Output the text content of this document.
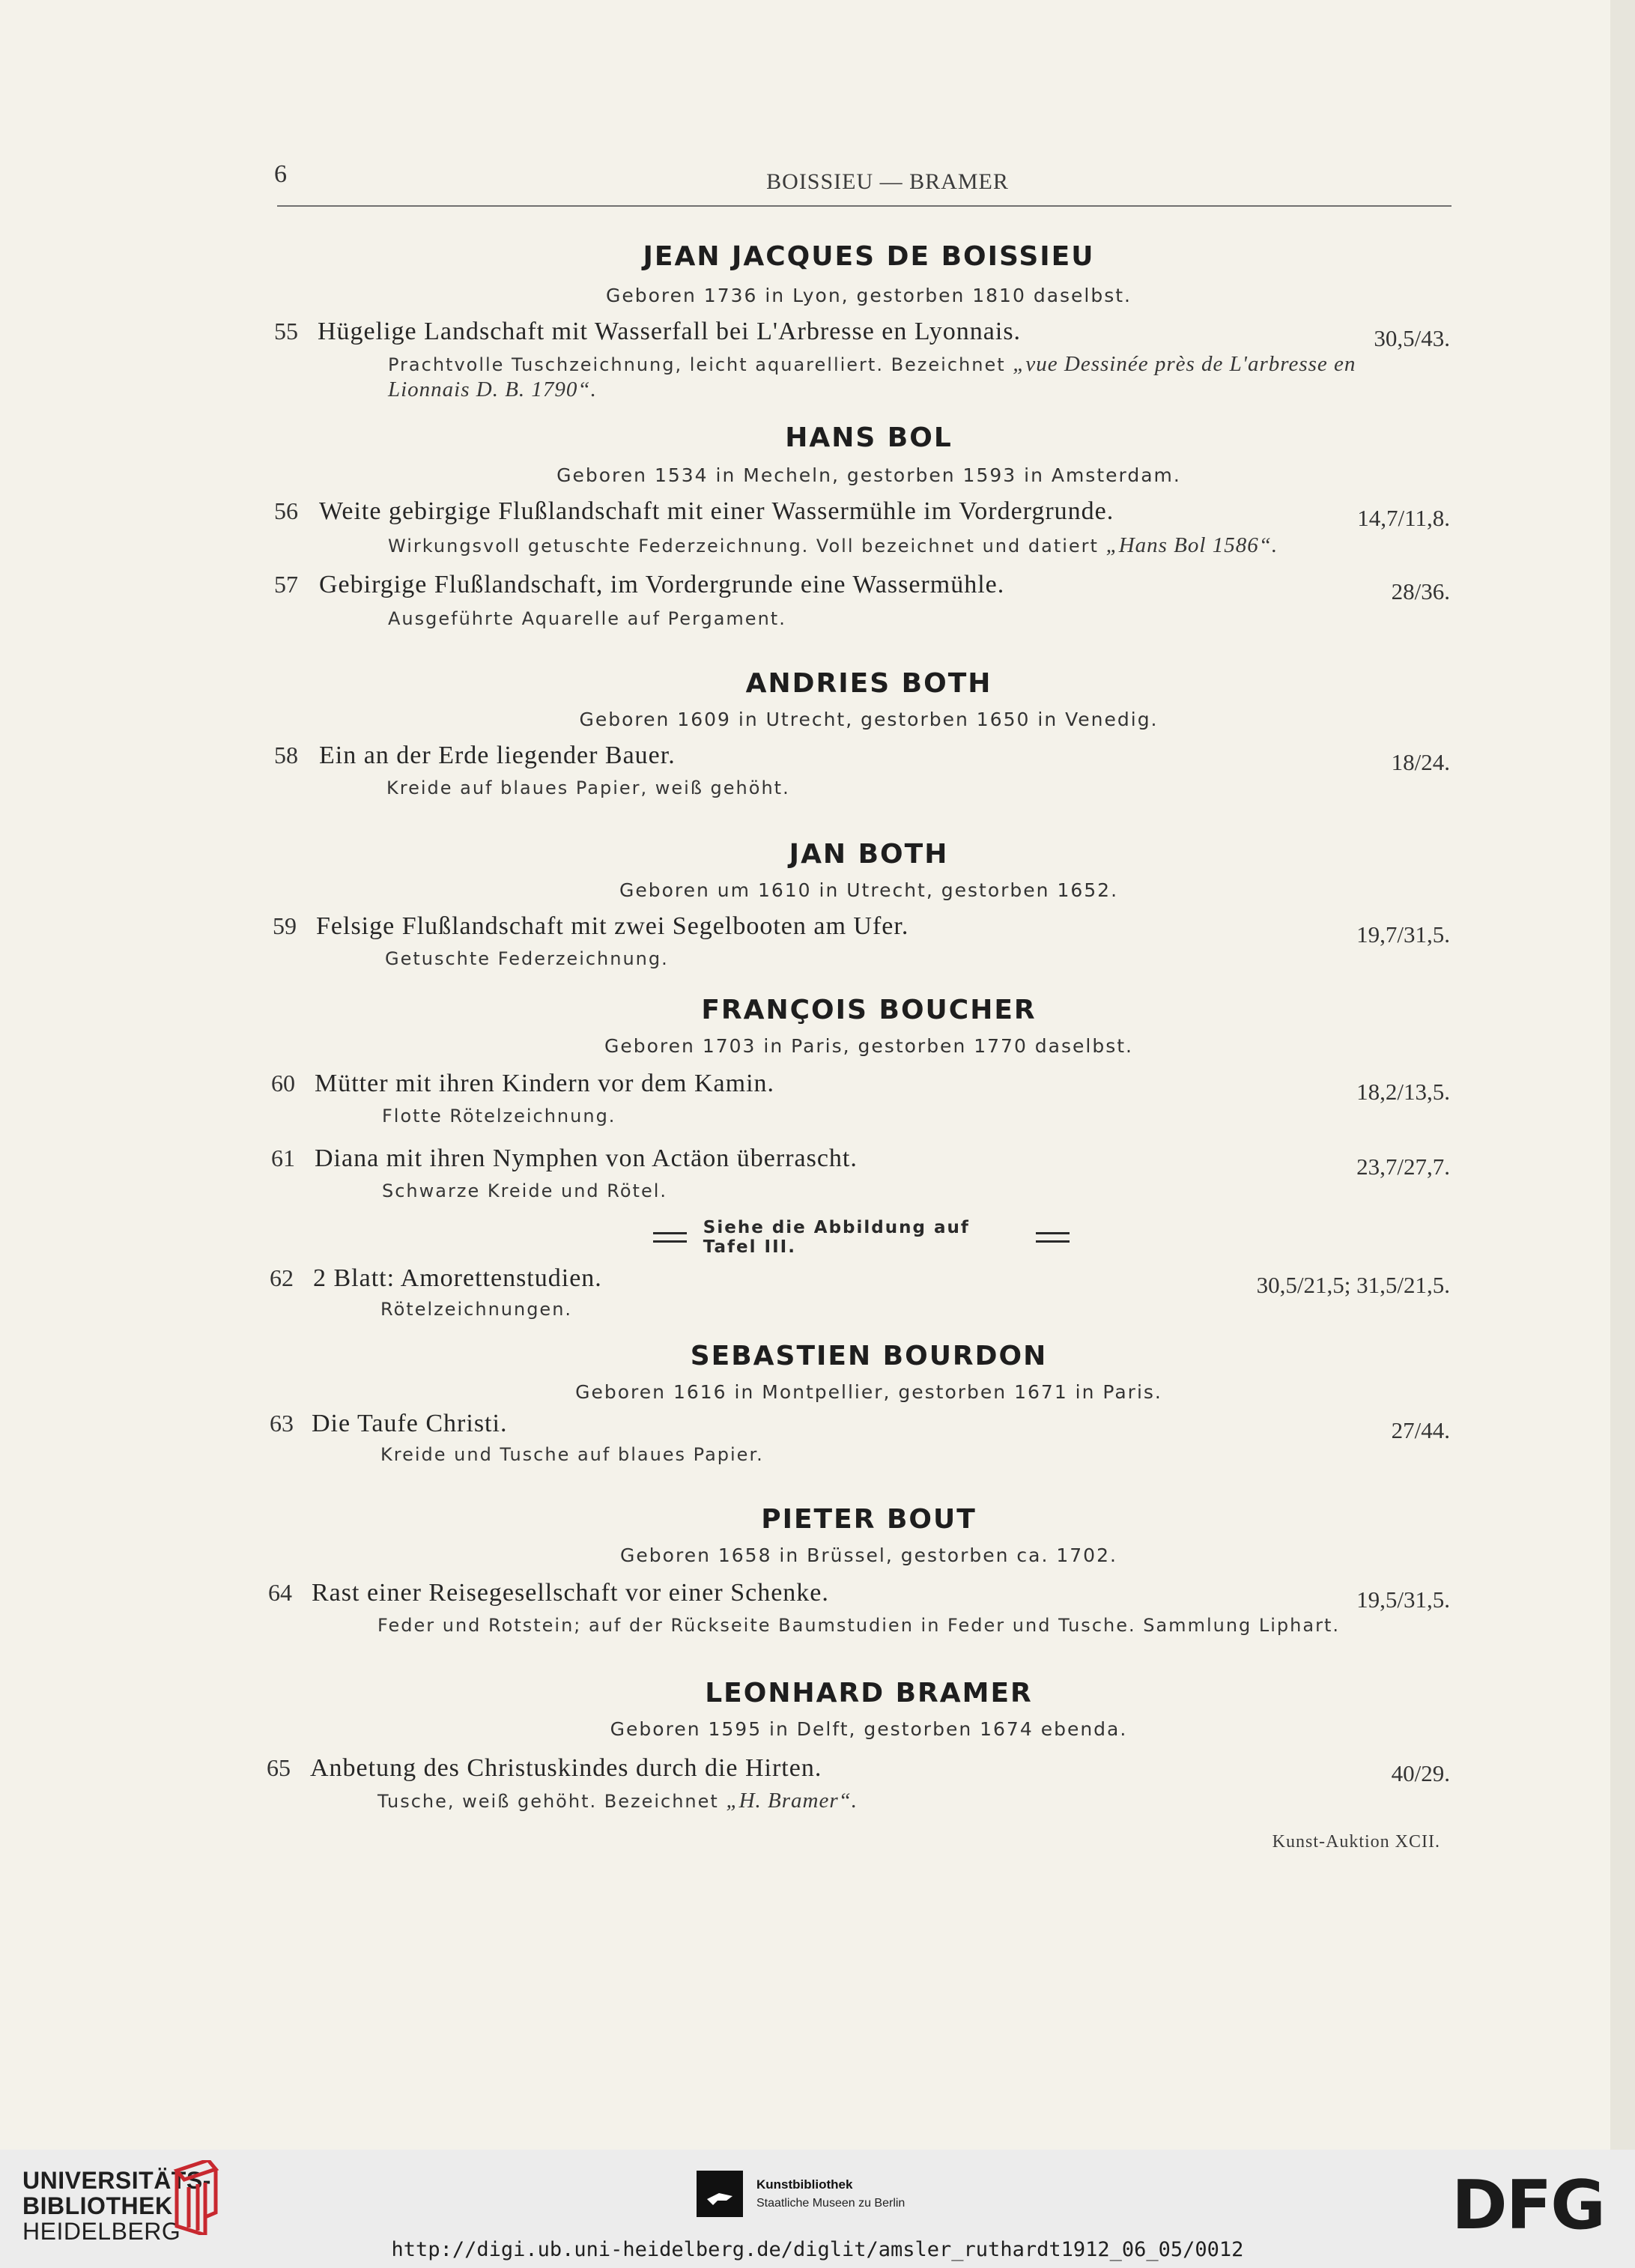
6	BOISSIEU — BRAMER
JEAN JACQUES DE BOISSIEU
Geboren 1736 in Lyon, gestorben 1810 daselbst.
55 Hügelige Landschaft mit Wasserfall bei L'Arbresse en Lyonnais.	30,5/43.
Prachtvolle Tuschzeichnung, leicht aquarelliert. Bezeichnet „vue Dessinée près de L'arbresse en
Lionnais D. B. 1790“.
HANS BOL
Geboren 1534 in Mecheln, gestorben 1593 in Amsterdam.
56 Weite gebirgige Flußlandschaft mit einer Wassermühle im Vordergrunde.	14,7/11,8.
Wirkungsvoll getuschte Federzeichnung. Voll bezeichnet und datiert „Hans Bol 1586“.
57 Gebirgige Flußlandschaft, im Vordergrunde eine Wassermühle.	28/36.
Ausgeführte Aquarelle auf Pergament.
ANDRIES BOTH
Geboren 1609 in Utrecht, gestorben 1650 in Venedig.
58 Ein an der Erde liegender Bauer.	18/24.
Kreide auf blaues Papier, weiß gehöht.
JAN BOTH
Geboren um 1610 in Utrecht, gestorben 1652.
59 Felsige Flußlandschaft mit zwei Segelbooten am Ufer.	19,7/31,5.
Getuschte Federzeichnung.
FRANÇOIS BOUCHER
Geboren 1703 in Paris, gestorben 1770 daselbst.
60 Mütter mit ihren Kindern vor dem Kamin.	18,2/13,5.
Flotte Rötelzeichnung.
61 Diana mit ihren Nymphen von Actäon überrascht.	23,7/27,7.
Schwarze Kreide und Rötel.
Siehe die Abbildung auf Tafel III.
62 2 Blatt: Amorettenstudien.	30,5/21,5; 31,5/21,5.
Rötelzeichnungen.
SEBASTIEN BOURDON
Geboren 1616 in Montpellier, gestorben 1671 in Paris.
63 Die Taufe Christi.	27/44.
Kreide und Tusche auf blaues Papier.
PIETER BOUT
Geboren 1658 in Brüssel, gestorben ca. 1702.
64 Rast einer Reisegesellschaft vor einer Schenke.	19,5/31,5.
Feder und Rotstein; auf der Rückseite Baumstudien in Feder und Tusche. Sammlung Liphart.
LEONHARD BRAMER
Geboren 1595 in Delft, gestorben 1674 ebenda.
65 Anbetung des Christuskindes durch die Hirten.	40/29.
Tusche, weiß gehöht. Bezeichnet „H. Bramer“.
Kunst-Auktion XCII.
UNIVERSITÄTS-
BIBLIOTHEK
HEIDELBERG
Kunstbibliothek
Staatliche Museen zu Berlin	DFG
http://digi.ub.uni-heidelberg.de/diglit/amsler_ruthardt1912_06_05/0012
